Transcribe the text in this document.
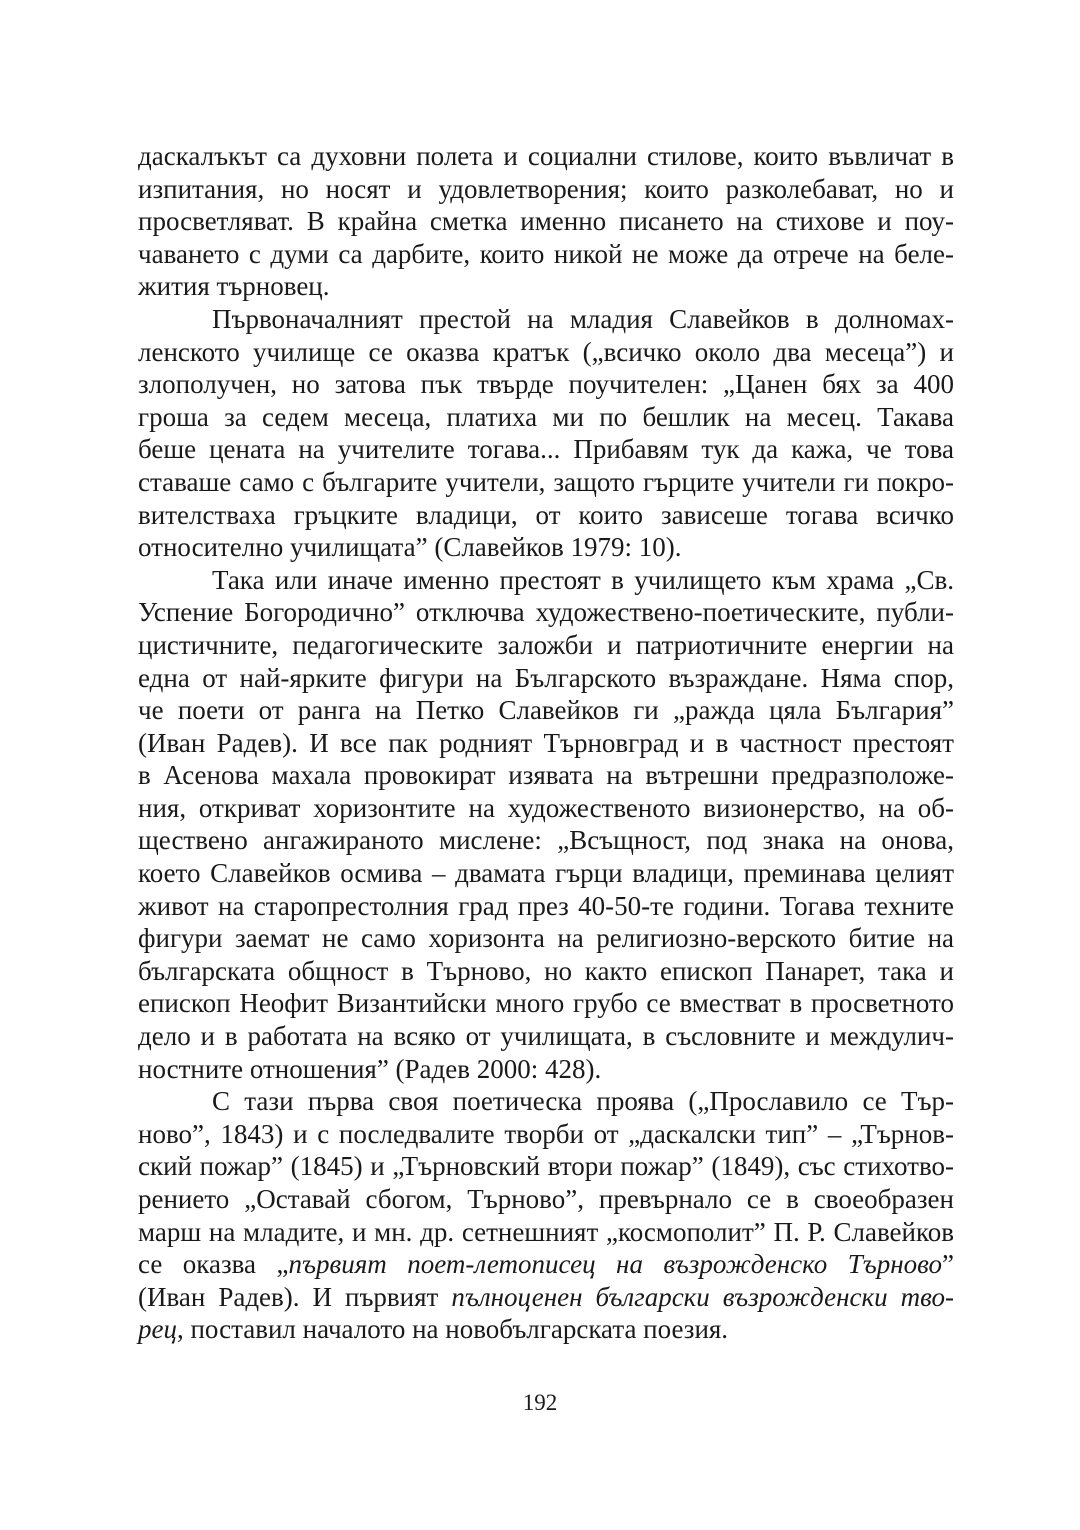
даскалъкът са духовни полета и социални стилове, които въвличат в
изпитания, но носят и удовлетворения; които разколебават, но и
просветляват. В крайна сметка именно писането на стихове и поу-
чаването с думи са дарбите, които никой не може да отрече на беле-
жития търновец.
Първоначалният престой на младия Славейков в долномах-
ленското училище се оказва кратък („всичко около два месеца”) и
злополучен, но затова пък твърде поучителен: „Цанен бях за 400
гроша за седем месеца, платиха ми по бешлик на месец. Такава
беше цената на учителите тогава... Прибавям тук да кажа, че това
ставаше само с българите учители, защото гърците учители ги покро-
вителстваха гръцките владици, от които зависеше тогава всичко
относително училищата” (Славейков 1979: 10).
Така или иначе именно престоят в училището към храма „Св.
Успение Богородично” отключва художествено-поетическите, публи-
цистичните, педагогическите заложби и патриотичните енергии на
една от най-ярките фигури на Българското възраждане. Няма спор,
че поети от ранга на Петко Славейков ги „ражда цяла България”
(Иван Радев). И все пак родният Търновград и в частност престоят
в Асенова махала провокират изявата на вътрешни предразположе-
ния, откриват хоризонтите на художественото визионерство, на об-
ществено ангажираното мислене: „Всъщност, под знака на онова,
което Славейков осмива – двамата гърци владици, преминава целият
живот на старопрестолния град през 40-50-те години. Тогава техните
фигури заемат не само хоризонта на религиозно-верското битие на
българската общност в Търново, но както епископ Панарет, така и
епископ Неофит Византийски много грубо се вместват в просветното
дело и в работата на всяко от училищата, в съсловните и междулич-
ностните отношения” (Радев 2000: 428).
С тази първа своя поетическа проява („Прославило се Тър-
ново”, 1843) и с последвалите творби от „даскалски тип” – „Търнов-
ский пожар” (1845) и „Търновский втори пожар” (1849), със стихотво-
рението „Оставай сбогом, Търново”, превърнало се в своеобразен
марш на младите, и мн. др. сетнешният „космополит” П. Р. Славейков
се оказва „първият поет-летописец на възрожденско Търново”
(Иван Радев). И първият пълноценен български възрожденски тво-
рец, поставил началото на новобългарската поезия.
192
